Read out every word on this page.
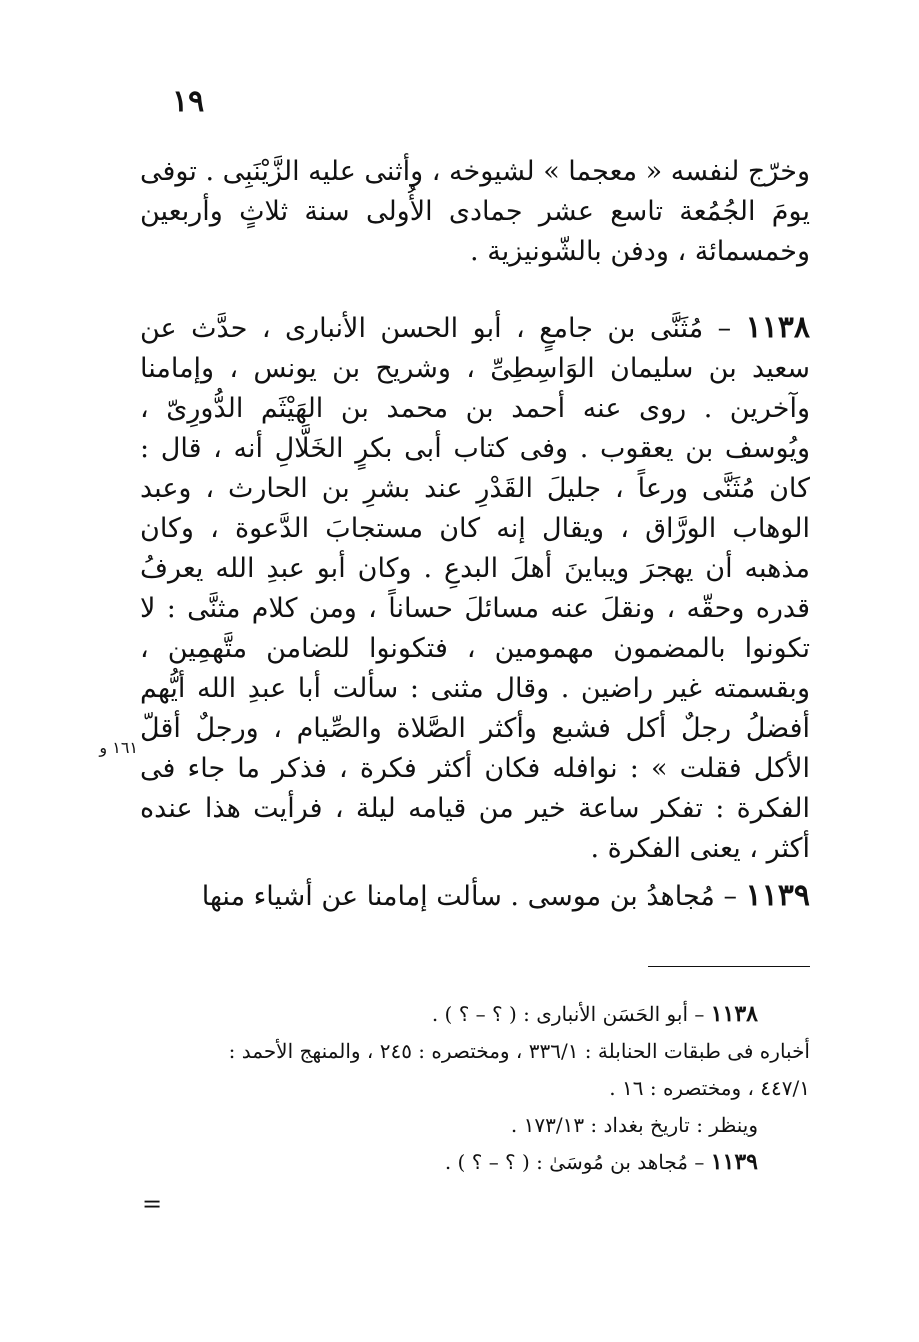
١٩
وخرّج لنفسه « معجما » لشيوخه ، وأثنى عليه الزَّيْنَبِى . توفى يومَ الجُمُعة تاسع عشر جمادى الأُولى سنة ثلاثٍ وأربعين وخمسمائة ، ودفن بالشّونيزية .
١١٣٨ – مُثَنَّى بن جامعٍ ، أبو الحسن الأنبارى ، حدَّث عن سعيد بن سليمان الوَاسِطِىِّ ، وشريح بن يونس ، وإمامنا وآخرين . روى عنه أحمد بن محمد بن الهَيْثَم الدُّورِىّ ، ويُوسف بن يعقوب . وفى كتاب أبى بكرٍ الخَلَّالِ أنه ، قال : كان مُثَنَّى ورعاً ، جليلَ القَدْرِ عند بشرِ بن الحارث ، وعبد الوهاب الورَّاق ، ويقال إنه كان مستجابَ الدَّعوة ، وكان مذهبه أن يهجرَ ويباينَ أهلَ البدعِ . وكان أبو عبدِ الله يعرفُ قدره وحقّه ، ونقلَ عنه مسائلَ حساناً ، ومن كلام مثنَّى : لا تكونوا بالمضمون مهمومين ، فتكونوا للضامن متَّهمِين ، وبقسمته غير راضين . وقال مثنى : سألت أبا عبدِ الله أيُّهم أفضلُ رجلٌ أكل فشبع وأكثر الصَّلاة والصِّيام ، ورجلٌ أقلّ الأكل فقلت » : نوافله فكان أكثر فكرة ، فذكر ما جاء فى الفكرة : تفكر ساعة خير من قيامه ليلة ، فرأيت هذا عنده أكثر ، يعنى الفكرة .
١١٣٩ – مُجاهدُ بن موسى . سألت إمامنا عن أشياء منها
١٦١ و
١١٣٨ – أبو الحَسَن الأنبارى : ( ؟ – ؟ ) .
أخباره فى طبقات الحنابلة : ٣٣٦/١ ، ومختصره : ٢٤٥ ، والمنهج الأحمد :
٤٤٧/١ ، ومختصره : ١٦ .
وينظر : تاريخ بغداد : ١٧٣/١٣ .
١١٣٩ – مُجاهد بن مُوسَىٰ : ( ؟ – ؟ ) .
=
